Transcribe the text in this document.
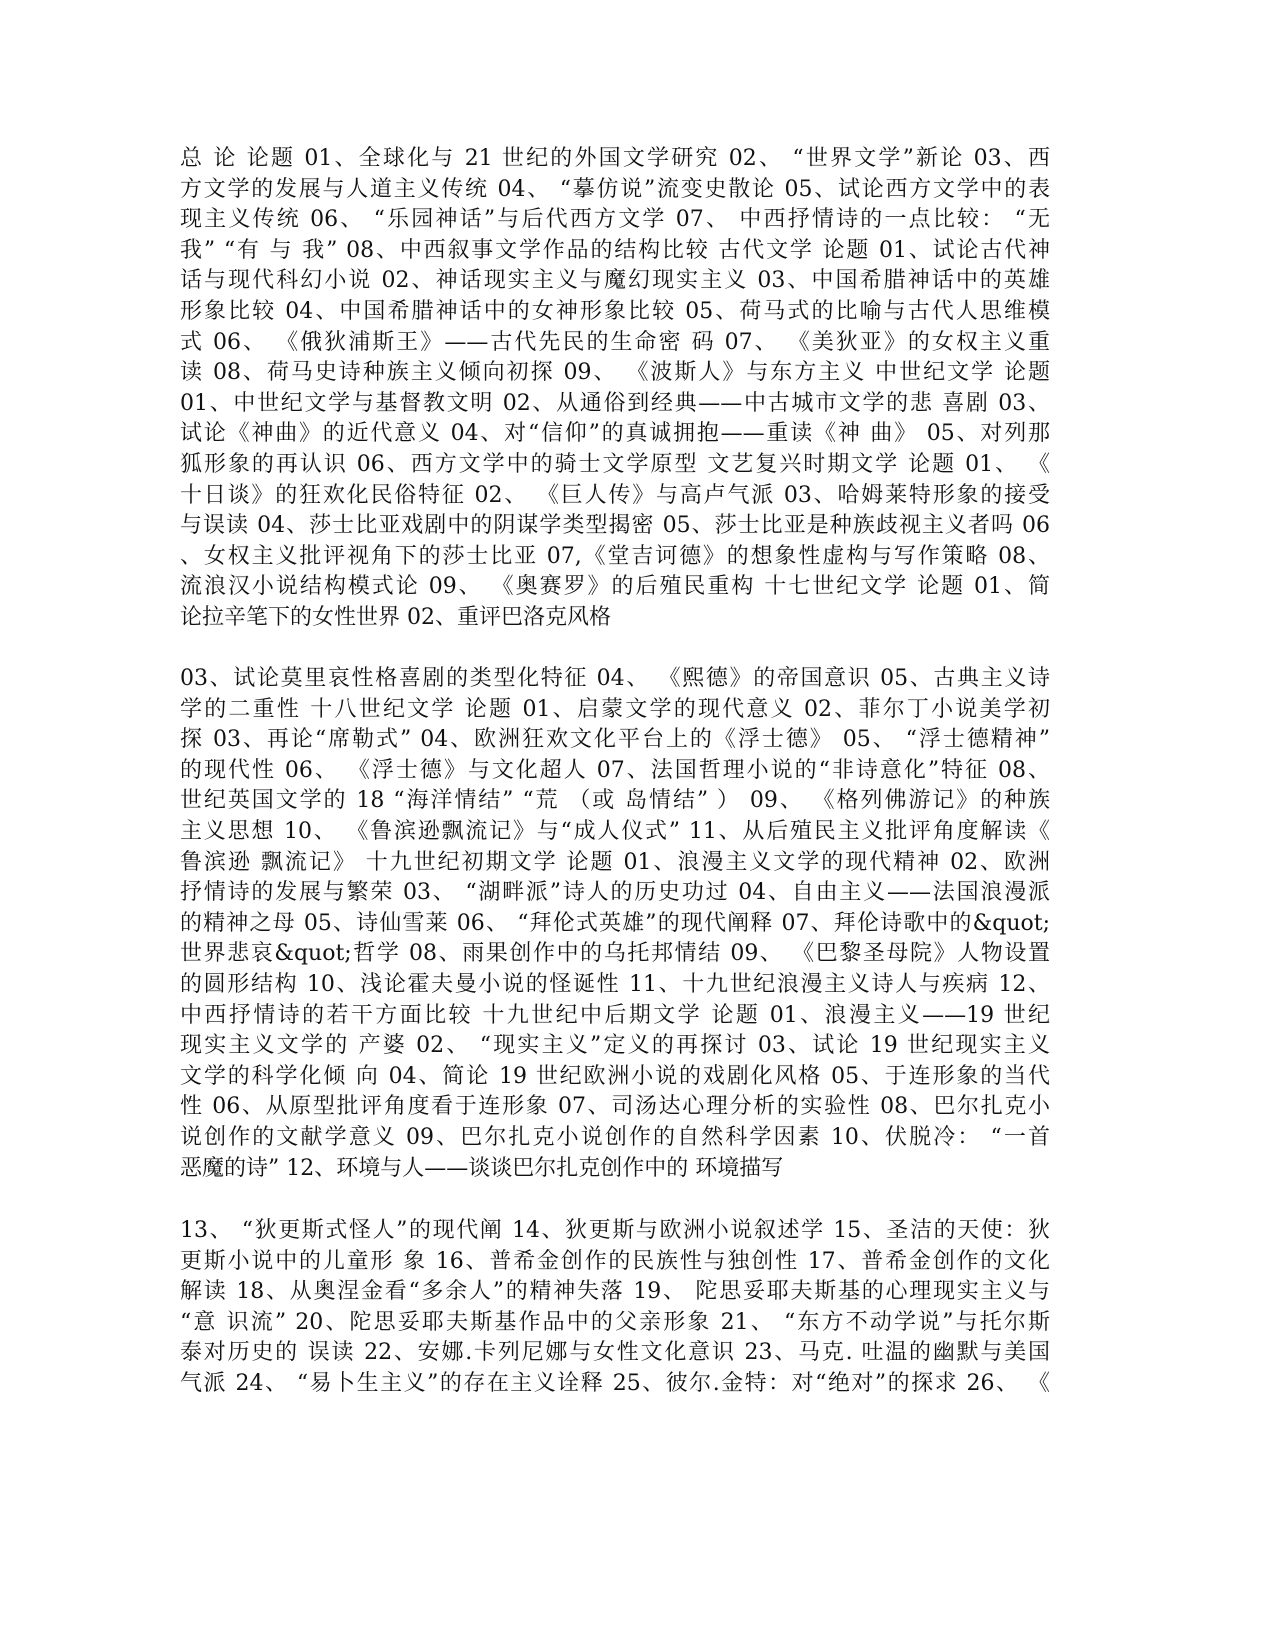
总 论 论题 01、全球化与 21 世纪的外国文学研究 02、 “世界文学”新论 03、西
方文学的发展与人道主义传统 04、 “摹仿说”流变史散论 05、试论西方文学中的表
现主义传统 06、 “乐园神话”与后代西方文学 07、 中西抒情诗的一点比较： “无
我” “有 与 我” 08、中西叙事文学作品的结构比较 古代文学 论题 01、试论古代神
话与现代科幻小说 02、神话现实主义与魔幻现实主义 03、中国希腊神话中的英雄
形象比较 04、中国希腊神话中的女神形象比较 05、荷马式的比喻与古代人思维模
式 06、 《俄狄浦斯王》——古代先民的生命密 码 07、 《美狄亚》的女权主义重
读 08、荷马史诗种族主义倾向初探 09、 《波斯人》与东方主义 中世纪文学 论题
01、中世纪文学与基督教文明 02、从通俗到经典——中古城市文学的悲 喜剧 03、
试论《神曲》的近代意义 04、对“信仰”的真诚拥抱——重读《神 曲》 05、对列那
狐形象的再认识 06、西方文学中的骑士文学原型 文艺复兴时期文学 论题 01、 《
十日谈》的狂欢化民俗特征 02、 《巨人传》与高卢气派 03、哈姆莱特形象的接受
与误读 04、莎士比亚戏剧中的阴谋学类型揭密 05、莎士比亚是种族歧视主义者吗 06
、女权主义批评视角下的莎士比亚 07,《堂吉诃德》的想象性虚构与写作策略 08、
流浪汉小说结构模式论 09、 《奥赛罗》的后殖民重构 十七世纪文学 论题 01、简
论拉辛笔下的女性世界 02、重评巴洛克风格
03、试论莫里哀性格喜剧的类型化特征 04、 《熙德》的帝国意识 05、古典主义诗
学的二重性 十八世纪文学 论题 01、启蒙文学的现代意义 02、菲尔丁小说美学初
探 03、再论“席勒式” 04、欧洲狂欢文化平台上的《浮士德》 05、 “浮士德精神”
的现代性 06、 《浮士德》与文化超人 07、法国哲理小说的“非诗意化”特征 08、
世纪英国文学的 18 “海洋情结” “荒 （或 岛情结” ） 09、 《格列佛游记》的种族
主义思想 10、 《鲁滨逊飘流记》与“成人仪式” 11、从后殖民主义批评角度解读《
鲁滨逊 飘流记》 十九世纪初期文学 论题 01、浪漫主义文学的现代精神 02、欧洲
抒情诗的发展与繁荣 03、 “湖畔派”诗人的历史功过 04、自由主义——法国浪漫派
的精神之母 05、诗仙雪莱 06、 “拜伦式英雄”的现代阐释 07、拜伦诗歌中的&quot;
世界悲哀&quot;哲学 08、雨果创作中的乌托邦情结 09、 《巴黎圣母院》人物设置
的圆形结构 10、浅论霍夫曼小说的怪诞性 11、十九世纪浪漫主义诗人与疾病 12、
中西抒情诗的若干方面比较 十九世纪中后期文学 论题 01、浪漫主义——19 世纪
现实主义文学的 产婆 02、 “现实主义”定义的再探讨 03、试论 19 世纪现实主义
文学的科学化倾 向 04、简论 19 世纪欧洲小说的戏剧化风格 05、于连形象的当代
性 06、从原型批评角度看于连形象 07、司汤达心理分析的实验性 08、巴尔扎克小
说创作的文献学意义 09、巴尔扎克小说创作的自然科学因素 10、伏脱冷： “一首
恶魔的诗” 12、环境与人——谈谈巴尔扎克创作中的 环境描写
13、 “狄更斯式怪人”的现代阐 14、狄更斯与欧洲小说叙述学 15、圣洁的天使：狄
更斯小说中的儿童形 象 16、普希金创作的民族性与独创性 17、普希金创作的文化
解读 18、从奥涅金看“多余人”的精神失落 19、 陀思妥耶夫斯基的心理现实主义与
“意 识流” 20、陀思妥耶夫斯基作品中的父亲形象 21、 “东方不动学说”与托尔斯
泰对历史的 误读 22、安娜.卡列尼娜与女性文化意识 23、马克. 吐温的幽默与美国
气派 24、 “易卜生主义”的存在主义诠释 25、彼尔.金特：对“绝对”的探求 26、 《
